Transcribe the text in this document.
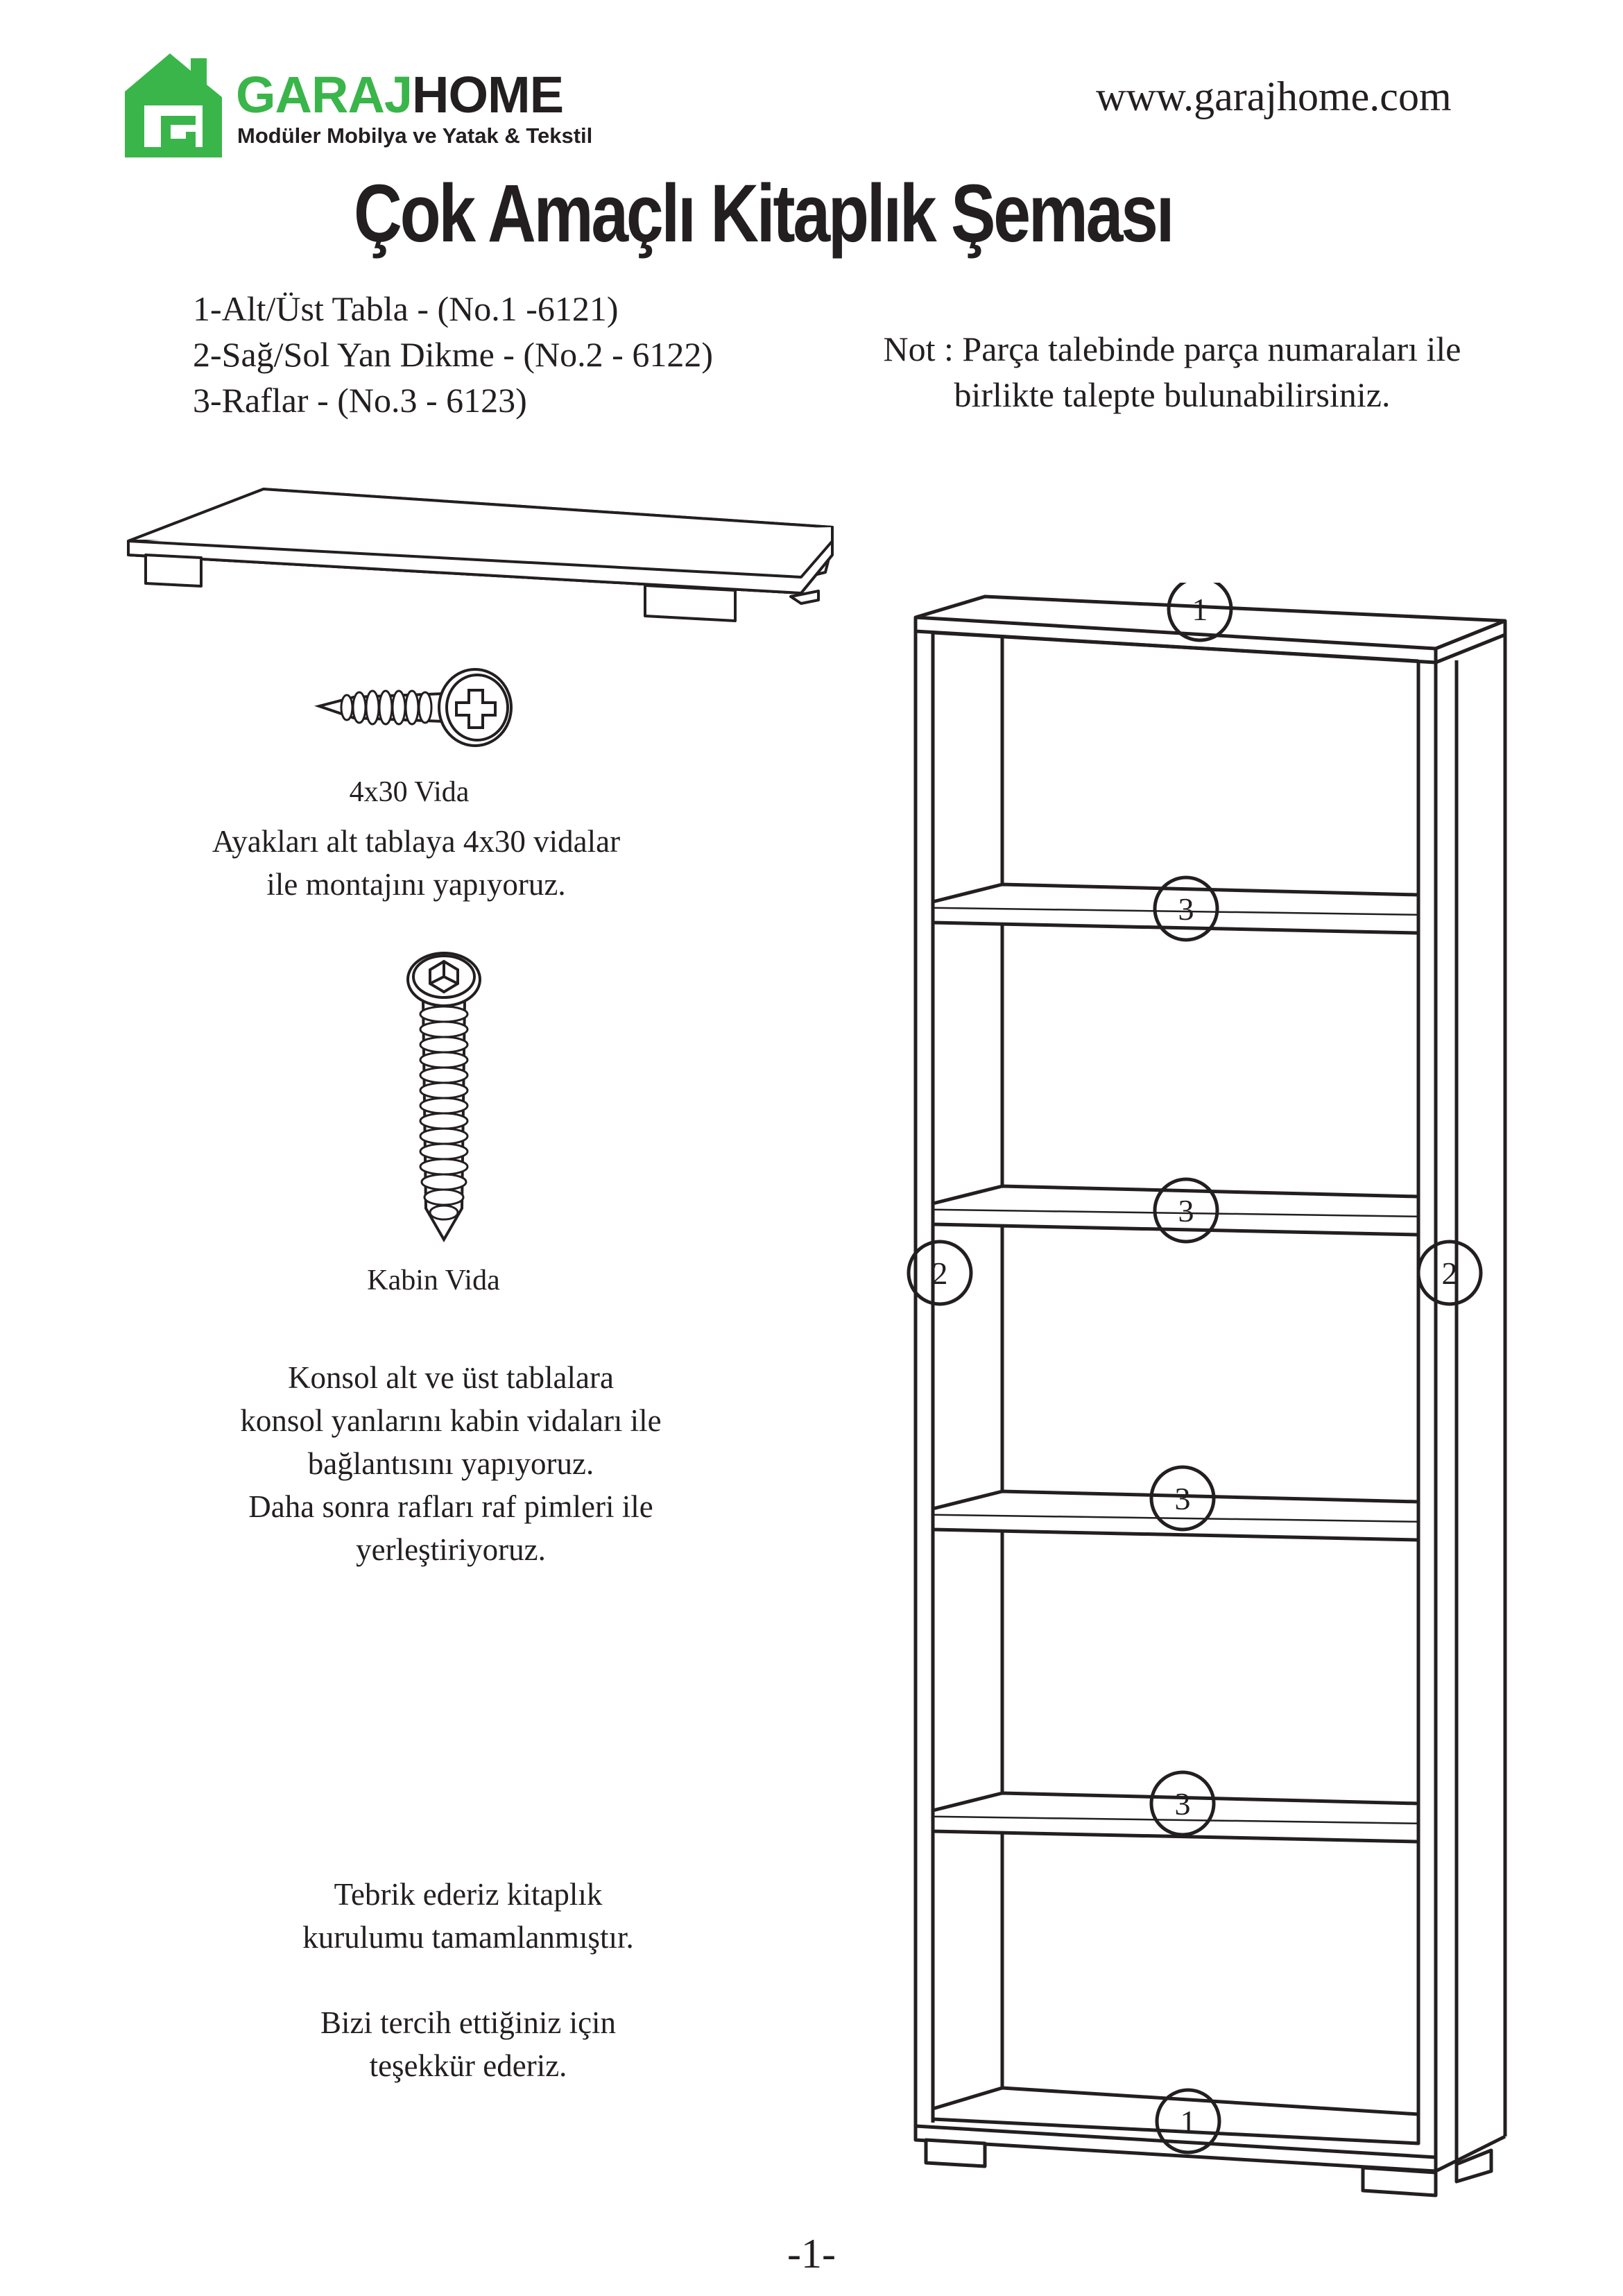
GARAJHOME
Modüler Mobilya ve Yatak & Tekstil
www.garajhome.com
Çok Amaçlı Kitaplık Şeması
1-Alt/Üst Tabla - (No.1 -6121)
2-Sağ/Sol Yan Dikme - (No.2 - 6122)
3-Raflar - (No.3 - 6123)
Not : Parça talebinde parça numaraları ile
birlikte talepte bulunabilirsiniz.
4x30 Vida
Ayakları alt tablaya 4x30 vidalar
ile montajını yapıyoruz.
Kabin Vida
Konsol alt ve üst tablalara
konsol yanlarını kabin vidaları ile
bağlantısını yapıyoruz.
Daha sonra rafları raf pimleri ile
yerleştiriyoruz.
Tebrik ederiz kitaplık
kurulumu tamamlanmıştır.
Bizi tercih ettiğiniz için
teşekkür ederiz.
1
2	2
3
3
3
3
1
-1-
